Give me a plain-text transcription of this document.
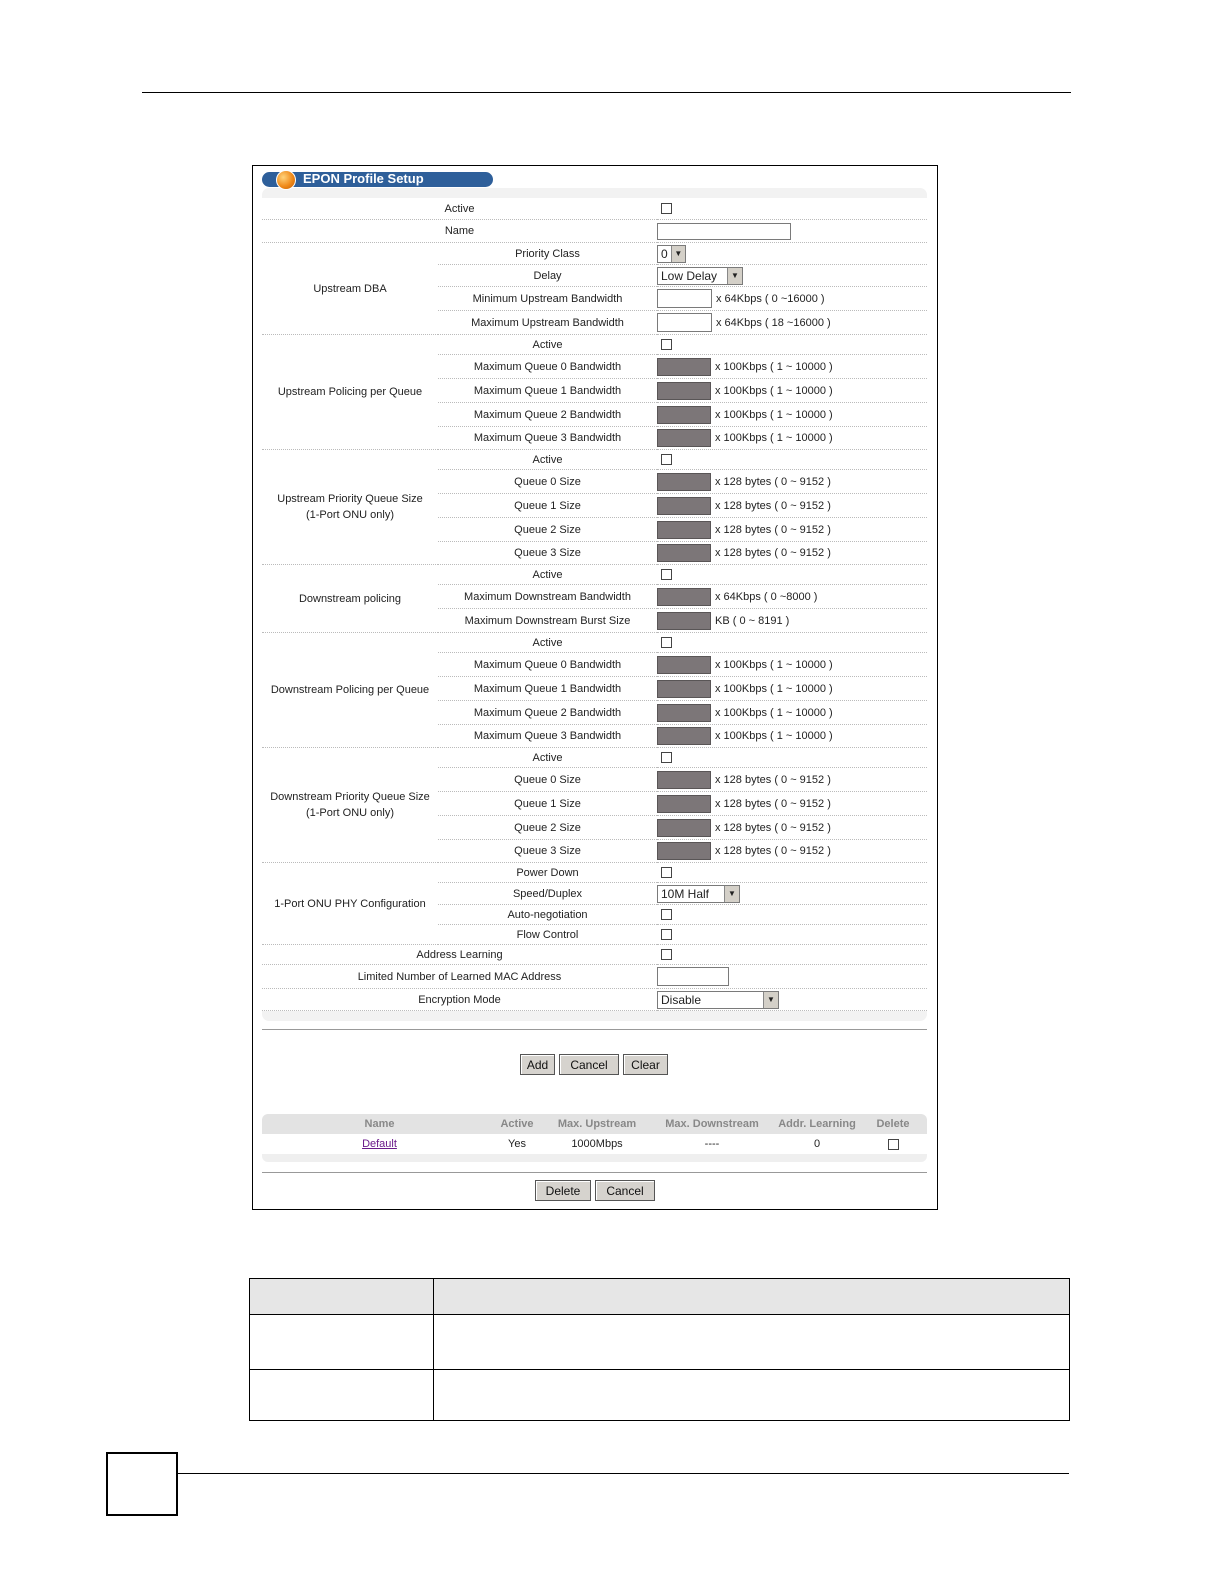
EPON Profile Setup
Active
Name
Upstream DBA
Priority Class	0 ▼
Delay	Low Delay	▼
Minimum Upstream Bandwidth	x 64Kbps ( 0 ~16000 )
Maximum Upstream Bandwidth	x 64Kbps ( 18 ~16000 )
Upstream Policing per Queue
Active
Maximum Queue 0 Bandwidth	x 100Kbps ( 1 ~ 10000 )
Maximum Queue 1 Bandwidth	x 100Kbps ( 1 ~ 10000 )
Maximum Queue 2 Bandwidth	x 100Kbps ( 1 ~ 10000 )
Maximum Queue 3 Bandwidth	x 100Kbps ( 1 ~ 10000 )
Upstream Priority Queue Size (1-Port ONU only)
Active
Queue 0 Size	x 128 bytes ( 0 ~ 9152 )
Queue 1 Size	x 128 bytes ( 0 ~ 9152 )
Queue 2 Size	x 128 bytes ( 0 ~ 9152 )
Queue 3 Size	x 128 bytes ( 0 ~ 9152 )
Downstream policing
Active
Maximum Downstream Bandwidth	x 64Kbps ( 0 ~8000 )
Maximum Downstream Burst Size	KB ( 0 ~ 8191 )
Downstream Policing per Queue
Active
Maximum Queue 0 Bandwidth	x 100Kbps ( 1 ~ 10000 )
Maximum Queue 1 Bandwidth	x 100Kbps ( 1 ~ 10000 )
Maximum Queue 2 Bandwidth	x 100Kbps ( 1 ~ 10000 )
Maximum Queue 3 Bandwidth	x 100Kbps ( 1 ~ 10000 )
Downstream Priority Queue Size (1-Port ONU only)
Active
Queue 0 Size	x 128 bytes ( 0 ~ 9152 )
Queue 1 Size	x 128 bytes ( 0 ~ 9152 )
Queue 2 Size	x 128 bytes ( 0 ~ 9152 )
Queue 3 Size	x 128 bytes ( 0 ~ 9152 )
1-Port ONU PHY Configuration
Power Down
Speed/Duplex	10M Half	▼
Auto-negotiation
Flow Control
Address Learning
Limited Number of Learned MAC Address
Encryption Mode	Disable	▼
Add	Cancel	Clear
Name	Active	Max. Upstream	Max. Downstream	Addr. Learning	Delete
Default	Yes	1000Mbps	----	0
Delete	Cancel
